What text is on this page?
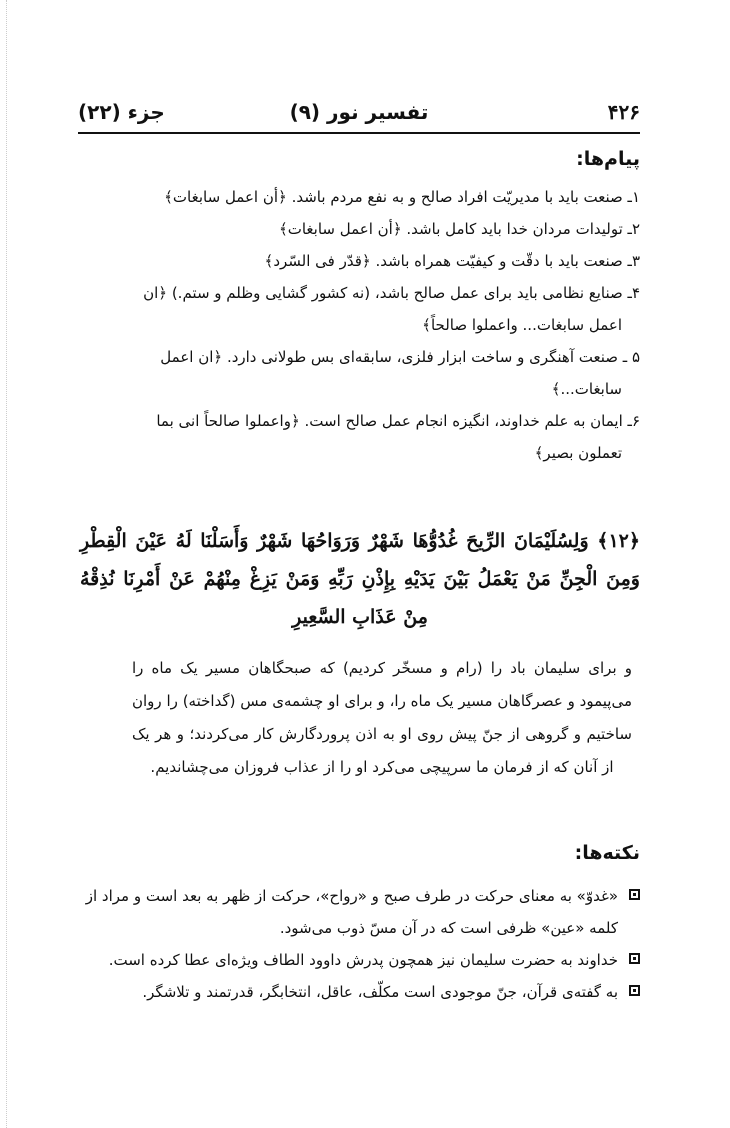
۴۲۶
تفسیر نور (۹)
جزء (۲۲)
پیام‌ها:
۱ـ صنعت باید با مدیریّت افراد صالح و به نفع مردم باشد. ﴿أن اعمل سابغات﴾
۲ـ تولیدات مردان خدا باید کامل باشد. ﴿أن اعمل سابغات﴾
۳ـ صنعت باید با دقّت و کیفیّت همراه باشد. ﴿قدّر فی السّرد﴾
۴ـ صنایع نظامی باید برای عمل صالح باشد، (نه کشور گشایی وظلم و ستم.) ﴿ان
اعمل سابغات... واعملوا صالحاً﴾
۵ ـ صنعت آهنگری و ساخت ابزار فلزی، سابقه‌ای بس طولانی دارد. ﴿ان اعمل
سابغات...﴾
۶ـ ایمان به علم خداوند، انگیزه انجام عمل صالح است. ﴿واعملوا صالحاً انی بما
تعملون بصیر﴾
﴿۱۲﴾ وَلِسُلَيْمَانَ الرِّيحَ غُدُوُّهَا شَهْرٌ وَرَوَاحُهَا شَهْرٌ وَأَسَلْنَا لَهُ عَيْنَ الْقِطْرِ وَمِنَ الْجِنِّ مَنْ يَعْمَلُ بَيْنَ يَدَيْهِ بِإِذْنِ رَبِّهِ وَمَنْ يَزِغْ مِنْهُمْ عَنْ أَمْرِنَا نُذِقْهُ مِنْ عَذَابِ السَّعِيرِ
و برای سلیمان باد را (رام و مسخّر کردیم) که صبحگاهان مسیر یک ماه را می‌پیمود و عصرگاهان مسیر یک ماه را، و برای او چشمه‌ی مس (گداخته) را روان ساختیم و گروهی از جنّ پیش روی او به اذن پروردگارش کار می‌کردند؛ و هر یک از آنان که از فرمان ما سرپیچی می‌کرد او را از عذاب فروزان می‌چشاندیم.
نکته‌ها:
«غدوّ» به معنای حرکت در طرف صبح و «رواح»، حرکت از ظهر به بعد است و مراد از کلمه «عین» ظرفی است که در آن مسّ ذوب می‌شود.
خداوند به حضرت سلیمان نیز همچون پدرش داوود الطاف ویژه‌ای عطا کرده است.
به گفته‌ی قرآن، جنّ موجودی است مکلّف، عاقل، انتخابگر، قدرتمند و تلاشگر.
